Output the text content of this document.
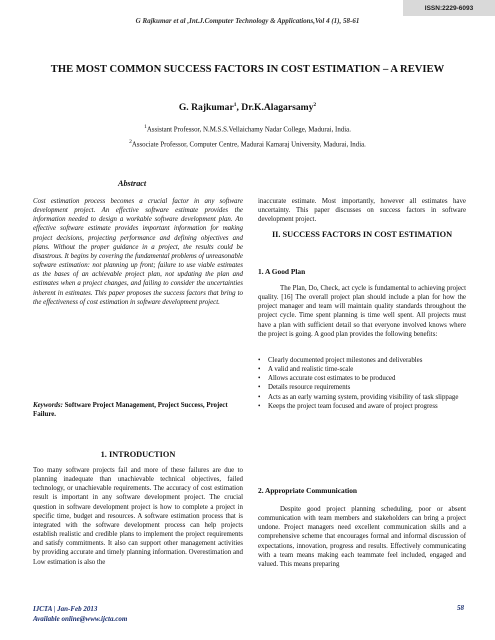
ISSN:2229-6093
G Rajkumar et al ,Int.J.Computer Technology & Applications,Vol 4 (1), 58-61
THE MOST COMMON SUCCESS FACTORS IN COST ESTIMATION – A REVIEW
G. Rajkumar$^1$, Dr.K.Alagarsamy$^2$
$^1$Assistant Professor, N.M.S.S.Vellaichamy Nadar College, Madurai, India.
$^2$Associate Professor, Computer Centre, Madurai Kamaraj University, Madurai, India.
Abstract

Cost estimation process becomes a crucial factor in any software development project. An effective software estimate provides the information needed to design a workable software development plan. An effective software estimate provides important information for making project decisions, projecting performance and defining objectives and plans. Without the proper guidance in a project, the results could be disastrous. It begins by covering the fundamental problems of unreasonable software estimation: not planning up front; failure to use viable estimates as the bases of an achievable project plan, not updating the plan and estimates when a project changes, and failing to consider the uncertainties inherent in estimates. This paper proposes the success factors that bring to the effectiveness of cost estimation in software development project.

Keywords: Software Project Management, Project Success, Project Failure.
1. INTRODUCTION

Too many software projects fail and more of these failures are due to planning inadequate than unachievable technical objectives, failed technology, or unachievable requirements. The accuracy of cost estimation result is important in any software development project. The crucial question in software development project is how to complete a project in specific time, budget and resources. A software estimation process that is integrated with the software development process can help projects establish realistic and credible plans to implement the project requirements and satisfy commitments. It also can support other management activities by providing accurate and timely planning information. Overestimation and Low estimation is also the

inaccurate estimate. Most importantly, however all estimates have uncertainty. This paper discusses on success factors in software development project.

II. SUCCESS FACTORS IN COST ESTIMATION
1. A Good Plan

The Plan, Do, Check, act cycle is fundamental to achieving project quality. [16] The overall project plan should include a plan for how the project manager and team will maintain quality standards throughout the project cycle. Time spent planning is time well spent. All projects must have a plan with sufficient detail so that everyone involved knows where the project is going. A good plan provides the following benefits:

• Clearly documented project milestones and deliverables
• A valid and realistic time-scale
• Allows accurate cost estimates to be produced
• Details resource requirements
• Acts as an early warning system, providing visibility of task slippage
• Keeps the project team focused and aware of project progress
2. Appropriate Communication

Despite good project planning scheduling, poor or absent communication with team members and stakeholders can bring a project undone. Project managers need excellent communication skills and a comprehensive scheme that encourages formal and informal discussion of expectations, innovation, progress and results. Effectively communicating with a team means making each teammate feel included, engaged and valued. This means preparing

IJCTA | Jan-Feb 2013
Available online@www.ijcta.com
58
